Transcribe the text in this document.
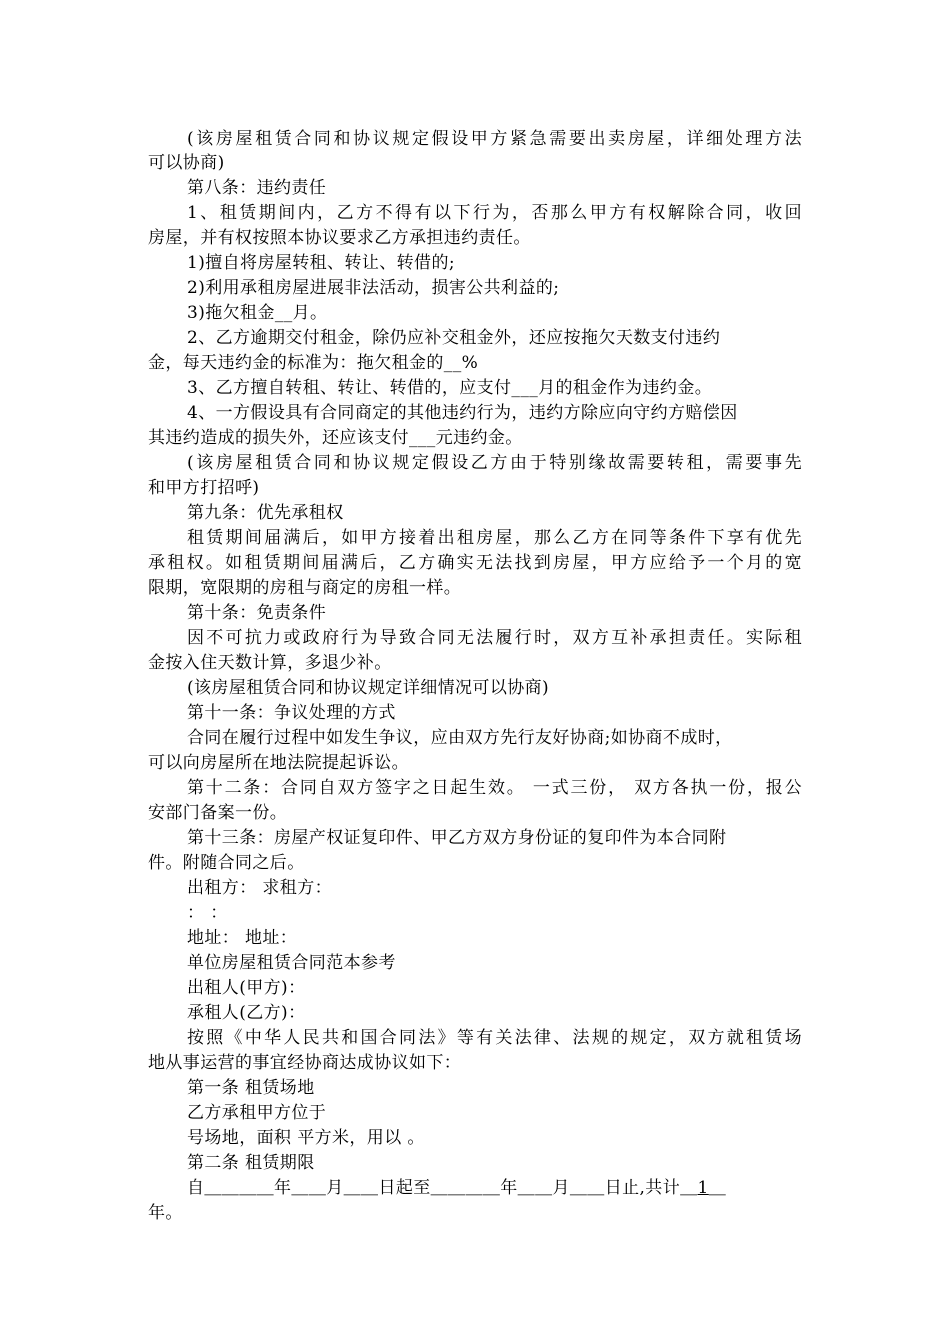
(该房屋租赁合同和协议规定假设甲方紧急需要出卖房屋，详细处理方法
可以协商)
第八条：违约责任
1、租赁期间内，乙方不得有以下行为，否那么甲方有权解除合同，收回
房屋，并有权按照本协议要求乙方承担违约责任。
1)擅自将房屋转租、转让、转借的;
2)利用承租房屋进展非法活动，损害公共利益的;
3)拖欠租金__月。
2、乙方逾期交付租金，除仍应补交租金外，还应按拖欠天数支付违约
金，每天违约金的标准为：拖欠租金的__%
3、乙方擅自转租、转让、转借的，应支付___月的租金作为违约金。
4、一方假设具有合同商定的其他违约行为，违约方除应向守约方赔偿因
其违约造成的损失外，还应该支付___元违约金。
(该房屋租赁合同和协议规定假设乙方由于特别缘故需要转租，需要事先
和甲方打招呼)
第九条：优先承租权
租赁期间届满后，如甲方接着出租房屋，那么乙方在同等条件下享有优先
承租权。如租赁期间届满后，乙方确实无法找到房屋，甲方应给予一个月的宽
限期，宽限期的房租与商定的房租一样。
第十条：免责条件
因不可抗力或政府行为导致合同无法履行时，双方互补承担责任。实际租
金按入住天数计算，多退少补。
(该房屋租赁合同和协议规定详细情况可以协商)
第十一条：争议处理的方式
合同在履行过程中如发生争议，应由双方先行友好协商;如协商不成时，
可以向房屋所在地法院提起诉讼。
第十二条：合同自双方签字之日起生效。 一式三份， 双方各执一份，报公
安部门备案一份。
第十三条：房屋产权证复印件、甲乙方双方身份证的复印件为本合同附
件。附随合同之后。
出租方： 求租方：
： ：
地址： 地址：
单位房屋租赁合同范本参考
出租人(甲方)：
承租人(乙方)：
按照《中华人民共和国合同法》等有关法律、法规的规定，双方就租赁场
地从事运营的事宜经协商达成协议如下：
第一条 租赁场地
乙方承租甲方位于
号场地，面积 平方米，用以 。
第二条 租赁期限
自＿＿＿＿年＿＿月＿＿日起至＿＿＿＿年＿＿月＿＿日止,共计＿1＿
年。
